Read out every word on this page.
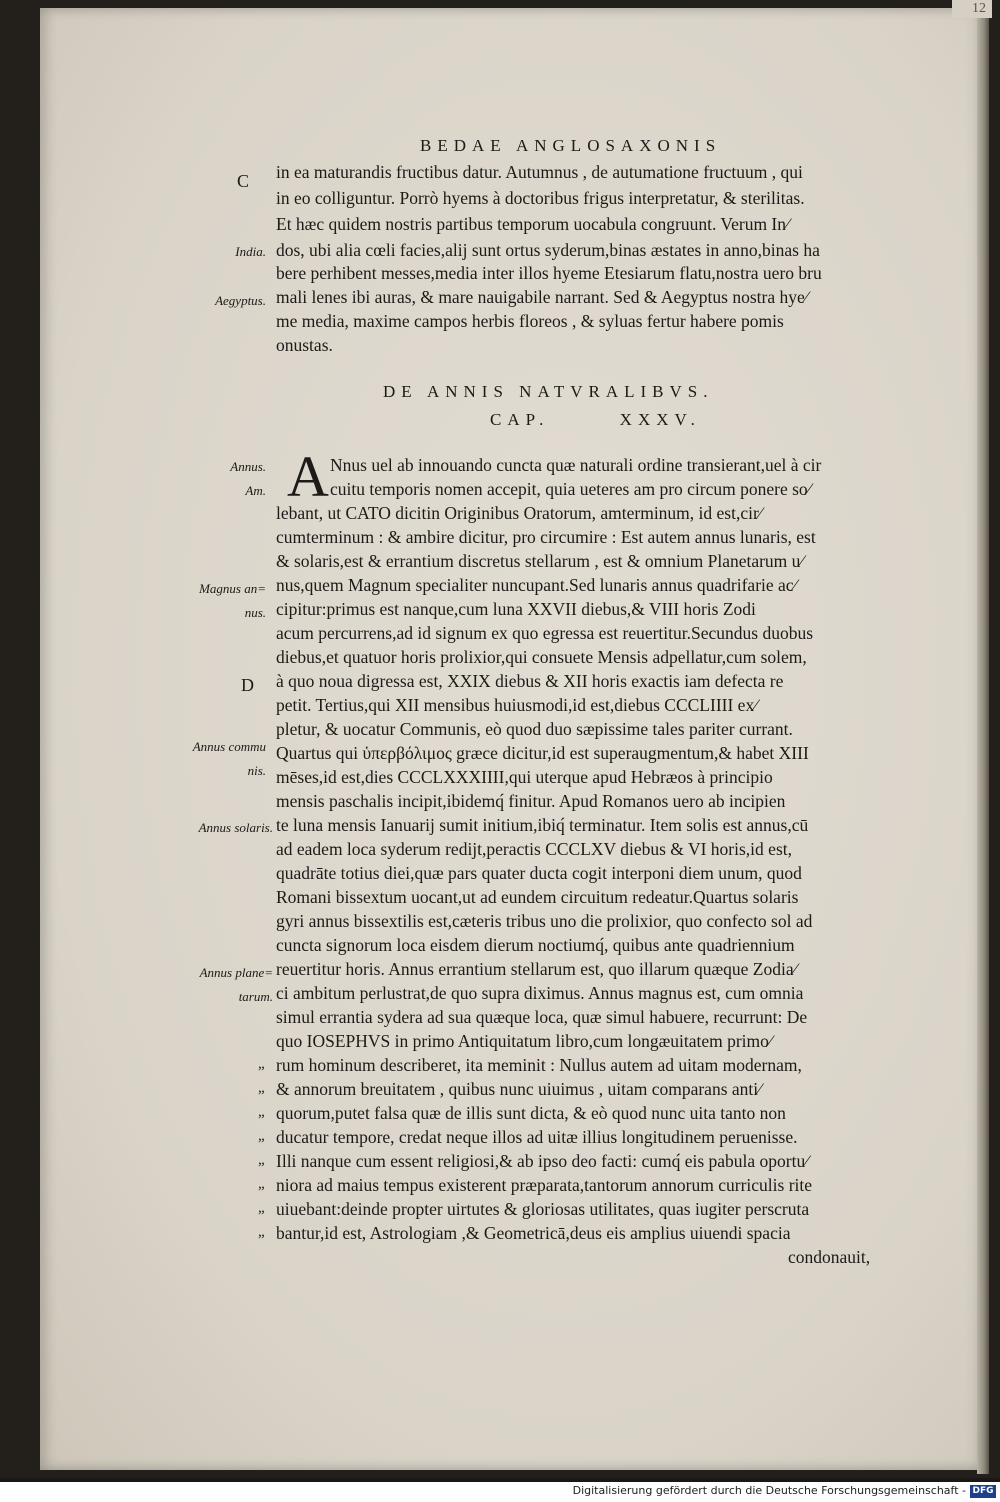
12
BEDAE ANGLOSAXONIS
C
D
India.
Aegyptus.
Annus.
Am.
Magnus an=
nus.
Annus commu
nis.
Annus solaris.
Annus plane=
tarum.
in ea maturandis fructibus datur. Autumnus , de autumatione fructuum , qui
in eo colliguntur. Porrò hyems à doctoribus frigus interpretatur, & sterilitas.
Et hæc quidem nostris partibus temporum uocabula congruunt. Verum In∕
dos, ubi alia cœli facies,alij sunt ortus syderum,binas æstates in anno,binas ha
bere perhibent messes,media inter illos hyeme Etesiarum flatu,nostra uero bru
mali lenes ibi auras, & mare nauigabile narrant. Sed & Aegyptus nostra hye∕
me media, maxime campos herbis floreos , & syluas fertur habere pomis
onustas.
DE ANNIS NATVRALIBVS.
CAP. XXXV.
A Nnus uel ab innouando cuncta quæ naturali ordine transierant,uel à cir
cuitu temporis nomen accepit, quia ueteres am pro circum ponere so∕
lebant, ut CATO dicitin Originibus Oratorum, amterminum, id est,cir∕
cumterminum : & ambire dicitur, pro circumire : Est autem annus lunaris, est
& solaris,est & errantium discretus stellarum , est & omnium Planetarum u∕
nus,quem Magnum specialiter nuncupant.Sed lunaris annus quadrifarie ac∕
cipitur:primus est nanque,cum luna XXVII diebus,& VIII horis Zodi
acum percurrens,ad id signum ex quo egressa est reuertitur.Secundus duobus
diebus,et quatuor horis prolixior,qui consuete Mensis adpellatur,cum solem,
à quo noua digressa est, XXIX diebus & XII horis exactis iam defecta re
petit. Tertius,qui XII mensibus huiusmodi,id est,diebus CCCLIIII ex∕
pletur, & uocatur Communis, eò quod duo sæpissime tales pariter currant.
Quartus qui ὑπερβόλιμος græce dicitur,id est superaugmentum,& habet XIII
mēses,id est,dies CCCLXXXIIII,qui uterque apud Hebræos à principio
mensis paschalis incipit,ibidemq́ finitur. Apud Romanos uero ab incipien
te luna mensis Ianuarij sumit initium,ibiq́ terminatur. Item solis est annus,cū
ad eadem loca syderum redijt,peractis CCCLXV diebus & VI horis,id est,
quadrāte totius diei,quæ pars quater ducta cogit interponi diem unum, quod
Romani bissextum uocant,ut ad eundem circuitum redeatur.Quartus solaris
gyri annus bissextilis est,cæteris tribus uno die prolixior, quo confecto sol ad
cuncta signorum loca eisdem dierum noctiumq́, quibus ante quadriennium
reuertitur horis. Annus errantium stellarum est, quo illarum quæque Zodia∕
ci ambitum perlustrat,de quo supra diximus. Annus magnus est, cum omnia
simul errantia sydera ad sua quæque loca, quæ simul habuere, recurrunt: De
quo IOSEPHVS in primo Antiquitatum libro,cum longæuitatem primo∕
rum hominum describeret, ita meminit : Nullus autem ad uitam modernam,
& annorum breuitatem , quibus nunc uiuimus , uitam comparans anti∕
quorum,putet falsa quæ de illis sunt dicta, & eò quod nunc uita tanto non
ducatur tempore, credat neque illos ad uitæ illius longitudinem peruenisse.
Illi nanque cum essent religiosi,& ab ipso deo facti: cumq́ eis pabula oportu∕
niora ad maius tempus existerent præparata,tantorum annorum curriculis rite
uiuebant:deinde propter uirtutes & gloriosas utilitates, quas iugiter perscruta
bantur,id est, Astrologiam ,& Geometricā,deus eis amplius uiuendi spacia
condonauit,
„
„
„
„
„
„
„
„
Digitalisierung gefördert durch die Deutsche Forschungsgemeinschaft - DFG
